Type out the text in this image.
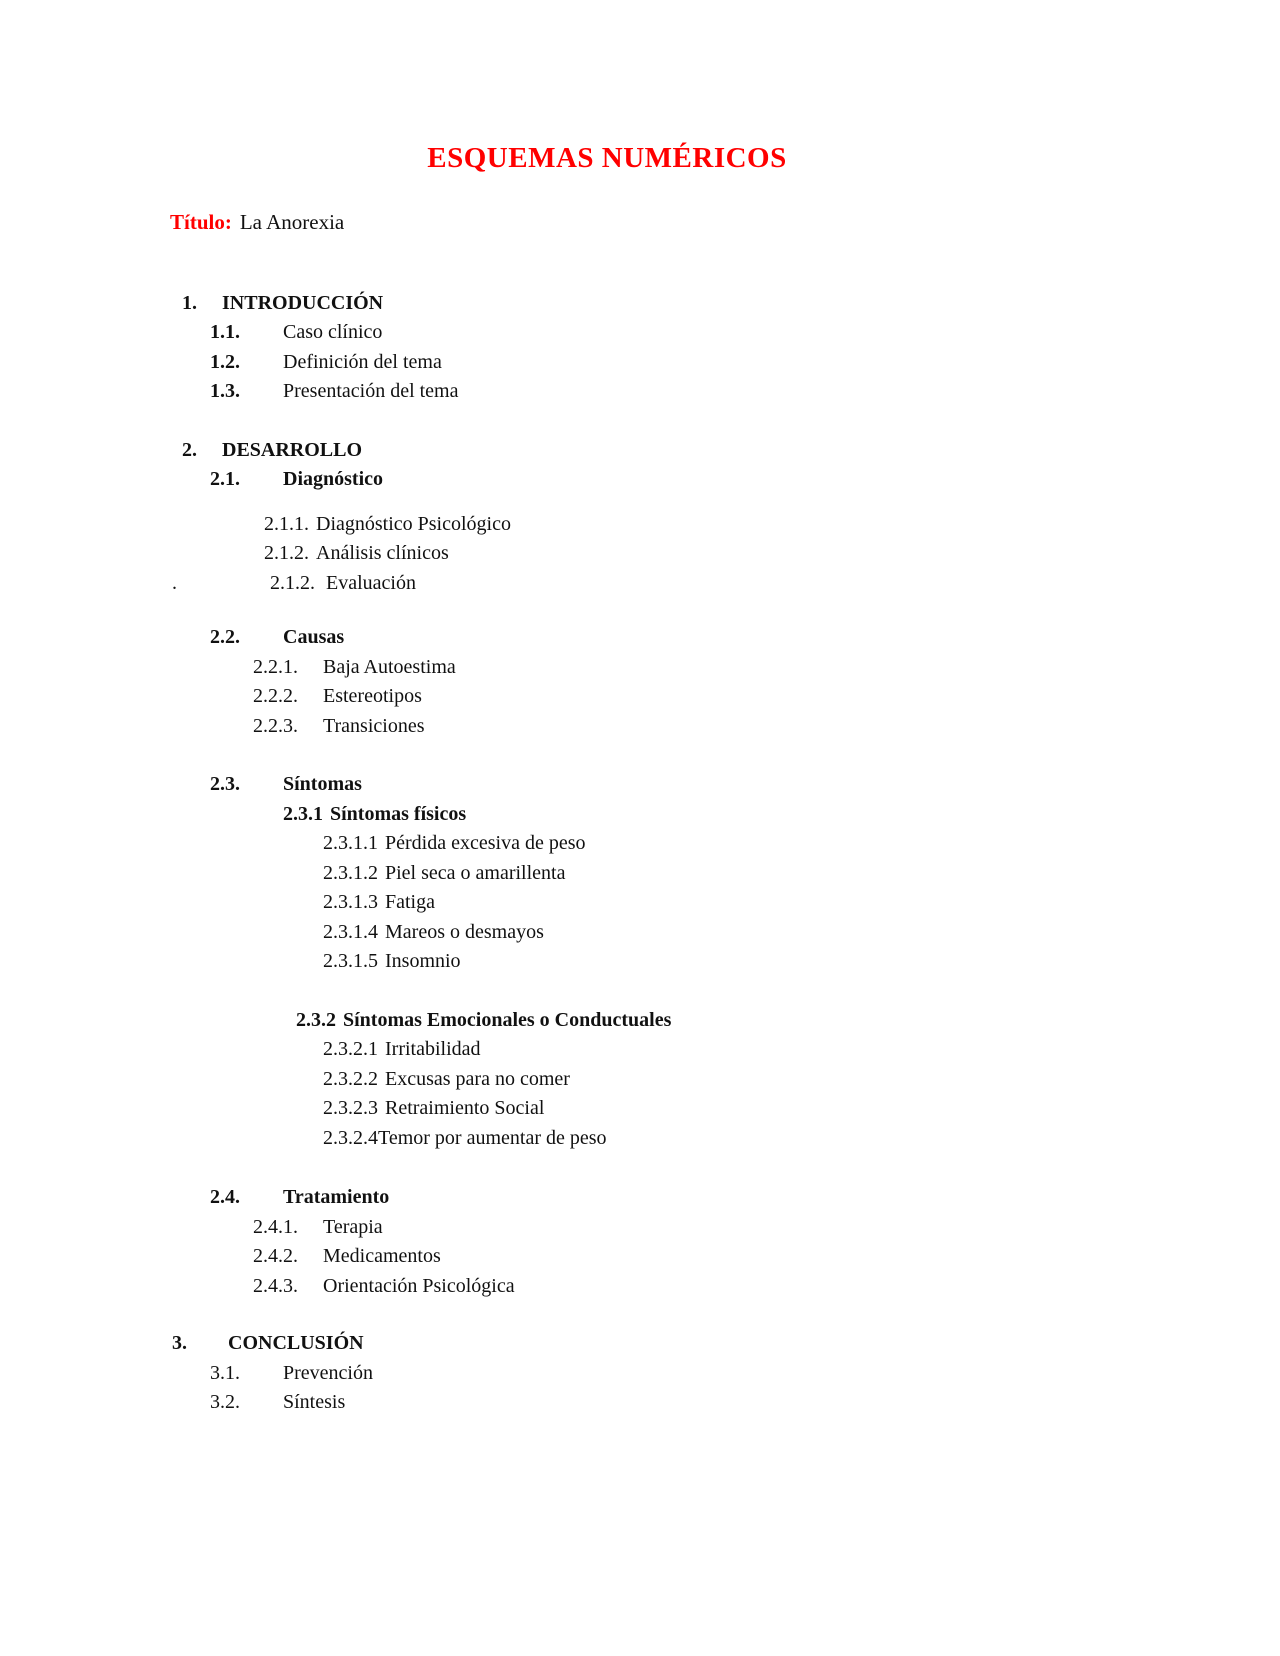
ESQUEMAS NUMÉRICOS

Título: La Anorexia

1. INTRODUCCIÓN
1.1. Caso clínico
1.2. Definición del tema
1.3. Presentación del tema
2. DESARROLLO
2.1. Diagnóstico
2.1.1. Diagnóstico Psicológico
2.1.2. Análisis clínicos
.	2.1.2. Evaluación
2.2. Causas
2.2.1. Baja Autoestima
2.2.2. Estereotipos
2.2.3. Transiciones
2.3. Síntomas
2.3.1 Síntomas físicos
2.3.1.1 Pérdida excesiva de peso
2.3.1.2 Piel seca o amarillenta
2.3.1.3 Fatiga
2.3.1.4 Mareos o desmayos
2.3.1.5 Insomnio
2.3.2 Síntomas Emocionales o Conductuales
2.3.2.1 Irritabilidad
2.3.2.2 Excusas para no comer
2.3.2.3 Retraimiento Social
2.3.2.4Temor por aumentar de peso
2.4. Tratamiento
2.4.1. Terapia
2.4.2. Medicamentos
2.4.3. Orientación Psicológica
3. CONCLUSIÓN
3.1. Prevención
3.2. Síntesis
